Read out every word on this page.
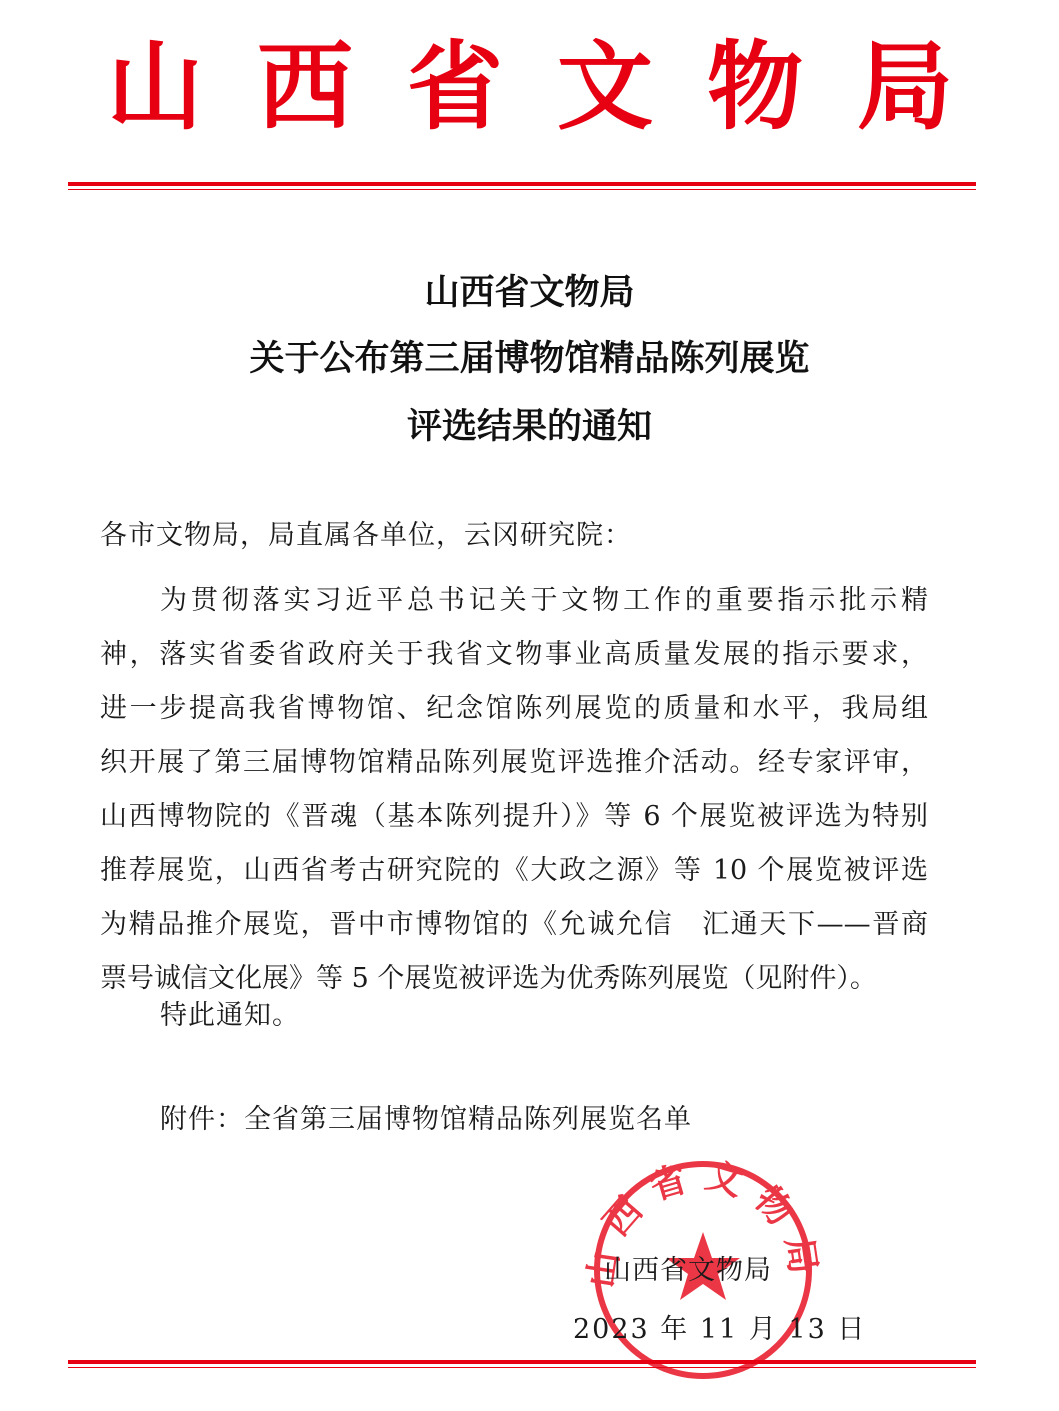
山 西 省 文 物 局
山西省文物局
关于公布第三届博物馆精品陈列展览
评选结果的通知
各市文物局，局直属各单位，云冈研究院：
为贯彻落实习近平总书记关于文物工作的重要指示批示精
神，落实省委省政府关于我省文物事业高质量发展的指示要求，
进一步提高我省博物馆、纪念馆陈列展览的质量和水平，我局组
织开展了第三届博物馆精品陈列展览评选推介活动。经专家评审，
山西博物院的《晋魂（基本陈列提升）》等 6 个展览被评选为特别
推荐展览，山西省考古研究院的《大政之源》等 10 个展览被评选
为精品推介展览，晋中市博物馆的《允诚允信　汇通天下——晋商
票号诚信文化展》等 5 个展览被评选为优秀陈列展览（见附件）。
特此通知。
附件：全省第三届博物馆精品陈列展览名单
山西省文物局
山西省文物局
2023 年 11 月 13 日
